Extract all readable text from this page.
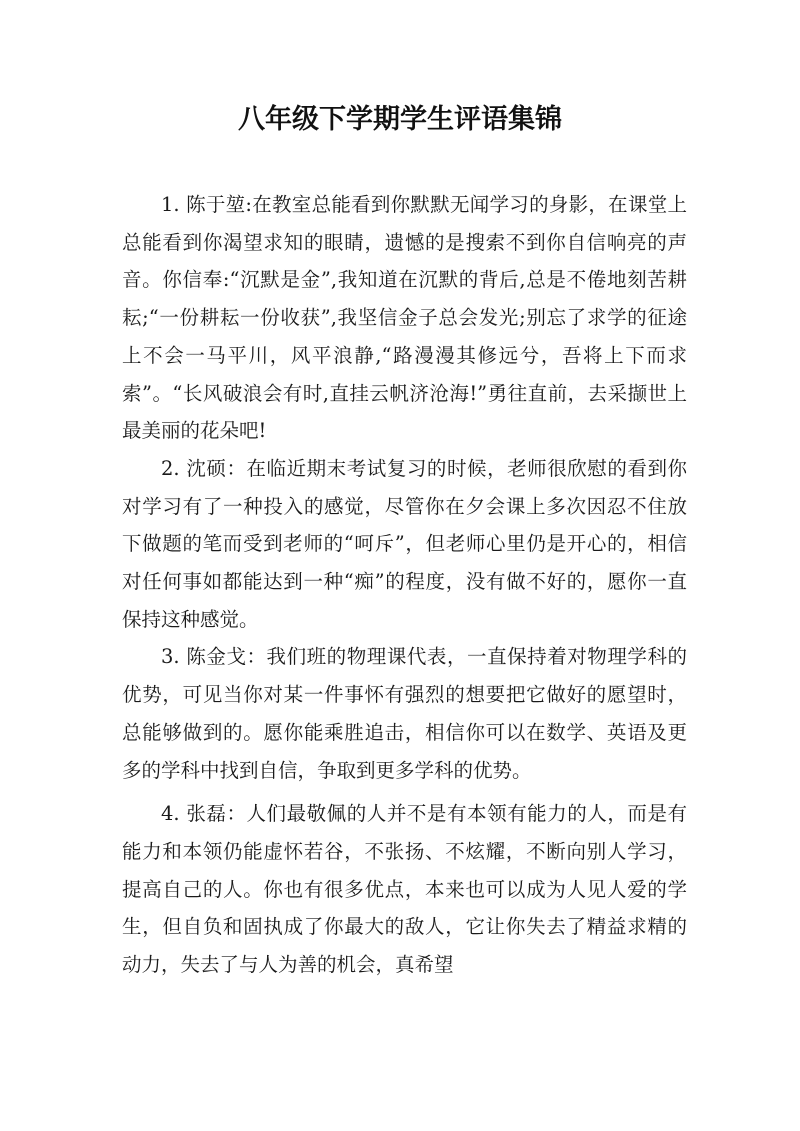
八年级下学期学生评语集锦

1. 陈于堃:在教室总能看到你默默无闻学习的身影，在课堂上总能看到你渴望求知的眼睛，遗憾的是搜索不到你自信响亮的声音。你信奉:“沉默是金”,我知道在沉默的背后,总是不倦地刻苦耕耘;“一份耕耘一份收获”,我坚信金子总会发光;别忘了求学的征途上不会一马平川，风平浪静,“路漫漫其修远兮，吾将上下而求索”。“长风破浪会有时,直挂云帆济沧海!”勇往直前，去采撷世上最美丽的花朵吧!

2. 沈硕：在临近期末考试复习的时候，老师很欣慰的看到你对学习有了一种投入的感觉，尽管你在夕会课上多次因忍不住放下做题的笔而受到老师的“呵斥”，但老师心里仍是开心的，相信对任何事如都能达到一种“痴”的程度，没有做不好的，愿你一直保持这种感觉。

3. 陈金戈：我们班的物理课代表，一直保持着对物理学科的优势，可见当你对某一件事怀有强烈的想要把它做好的愿望时，总能够做到的。愿你能乘胜追击，相信你可以在数学、英语及更多的学科中找到自信，争取到更多学科的优势。

4. 张磊：人们最敬佩的人并不是有本领有能力的人，而是有能力和本领仍能虚怀若谷，不张扬、不炫耀，不断向别人学习，提高自己的人。你也有很多优点，本来也可以成为人见人爱的学生，但自负和固执成了你最大的敌人，它让你失去了精益求精的动力，失去了与人为善的机会，真希望
